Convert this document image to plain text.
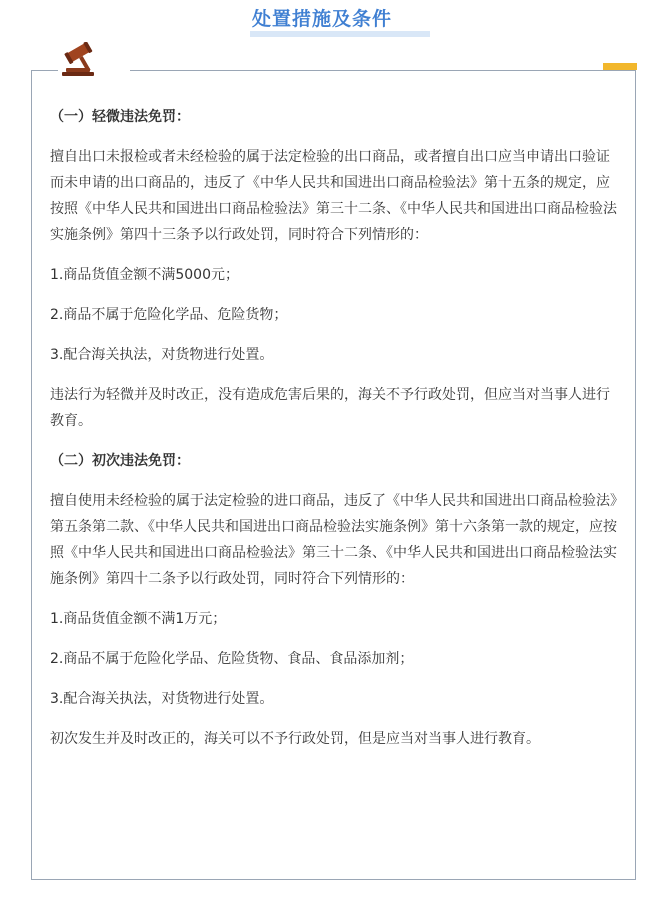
处置措施及条件

（一）轻微违法免罚：

擅自出口未报检或者未经检验的属于法定检验的出口商品，或者擅自出口应当申请出口验证而未申请的出口商品的，违反了《中华人民共和国进出口商品检验法》第十五条的规定，应按照《中华人民共和国进出口商品检验法》第三十二条、《中华人民共和国进出口商品检验法实施条例》第四十三条予以行政处罚，同时符合下列情形的：

1.商品货值金额不满5000元；

2.商品不属于危险化学品、危险货物；

3.配合海关执法，对货物进行处置。

违法行为轻微并及时改正，没有造成危害后果的，海关不予行政处罚，但应当对当事人进行教育。

（二）初次违法免罚：

擅自使用未经检验的属于法定检验的进口商品，违反了《中华人民共和国进出口商品检验法》第五条第二款、《中华人民共和国进出口商品检验法实施条例》第十六条第一款的规定，应按照《中华人民共和国进出口商品检验法》第三十二条、《中华人民共和国进出口商品检验法实施条例》第四十二条予以行政处罚，同时符合下列情形的：

1.商品货值金额不满1万元；

2.商品不属于危险化学品、危险货物、食品、食品添加剂；

3.配合海关执法，对货物进行处置。

初次发生并及时改正的，海关可以不予行政处罚，但是应当对当事人进行教育。
